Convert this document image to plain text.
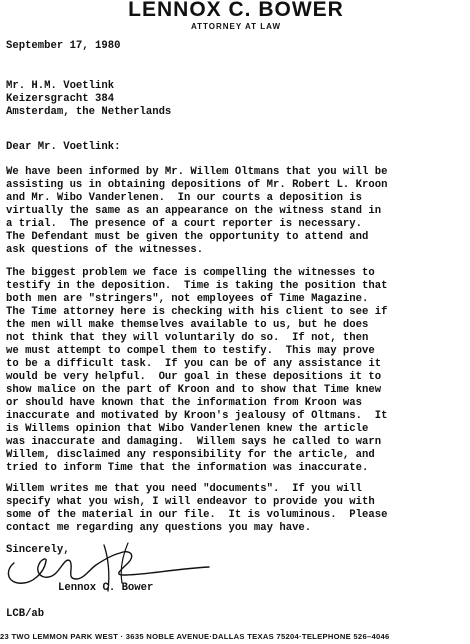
LENNOX C. BOWER
ATTORNEY AT LAW
September 17, 1980
Mr. H.M. Voetlink
Keizersgracht 384
Amsterdam, the Netherlands
Dear Mr. Voetlink:
We have been informed by Mr. Willem Oltmans that you will be
assisting us in obtaining depositions of Mr. Robert L. Kroon
and Mr. Wibo Vanderlenen.  In our courts a deposition is
virtually the same as an appearance on the witness stand in
a trial.  The presence of a court reporter is necessary.
The Defendant must be given the opportunity to attend and
ask questions of the witnesses.
The biggest problem we face is compelling the witnesses to
testify in the deposition.  Time is taking the position that
both men are "stringers", not employees of Time Magazine.
The Time attorney here is checking with his client to see if
the men will make themselves available to us, but he does
not think that they will voluntarily do so.  If not, then
we must attempt to compel them to testify.  This may prove
to be a difficult task.  If you can be of any assistance it
would be very helpful.  Our goal in these depositions it to
show malice on the part of Kroon and to show that Time knew
or should have known that the information from Kroon was
inaccurate and motivated by Kroon's jealousy of Oltmans.  It
is Willems opinion that Wibo Vanderlenen knew the article
was inaccurate and damaging.  Willem says he called to warn
Willem, disclaimed any responsibility for the article, and
tried to inform Time that the information was inaccurate.
Willem writes me that you need "documents".  If you will
specify what you wish, I will endeavor to provide you with
some of the material in our file.  It is voluminous.  Please
contact me regarding any questions you may have.
Sincerely,
Lennox C. Bower
LCB/ab
2​3 TWO LEMMON PARK WEST · 3635 NOBLE AVENUE·DALLAS TEXAS 75204·TELEPHONE 526–4046
